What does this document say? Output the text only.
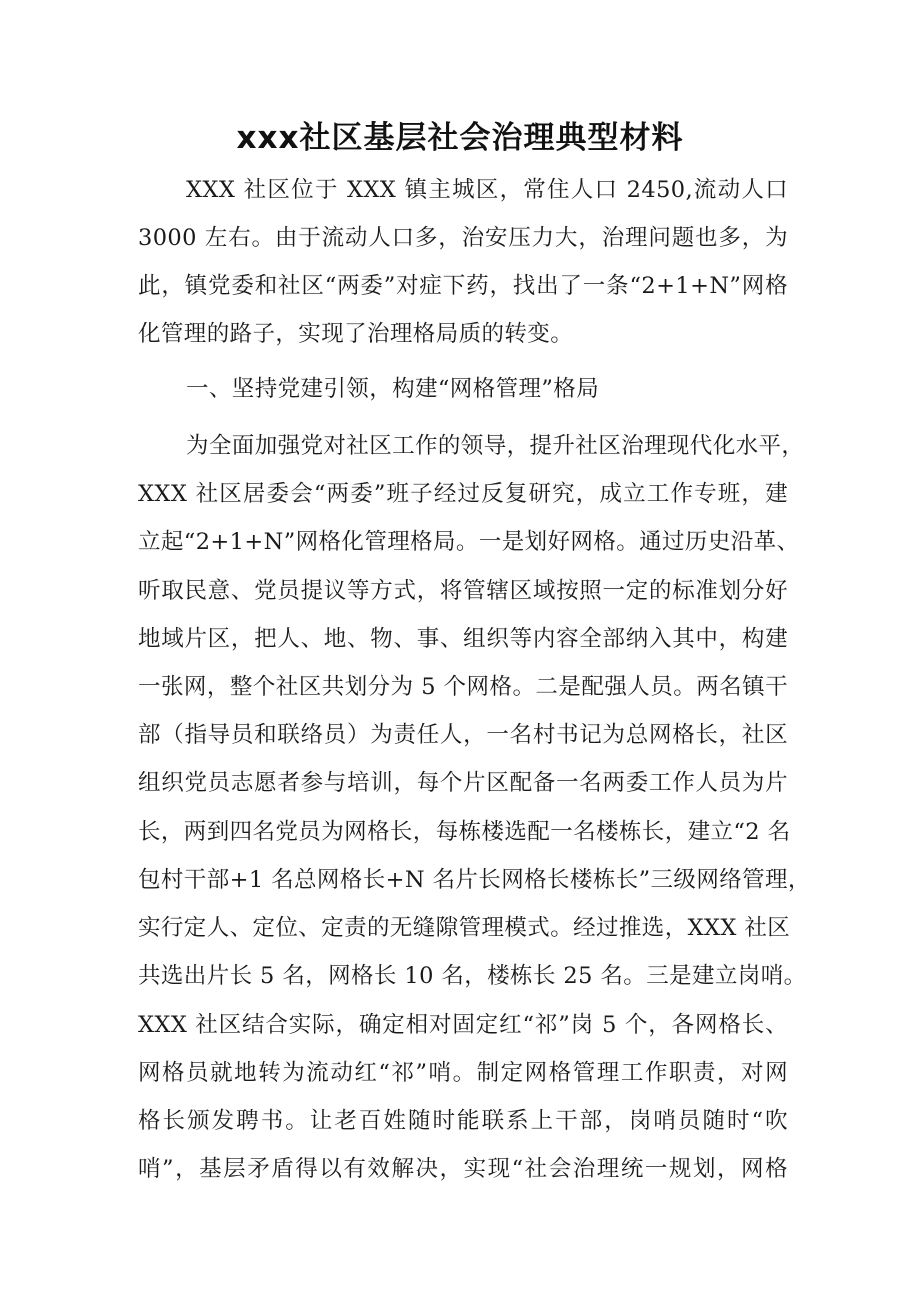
xxx社区基层社会治理典型材料
XXX 社区位于 XXX 镇主城区，常住人口 2450,流动人口
3000 左右。由于流动人口多，治安压力大，治理问题也多，为
此，镇党委和社区“两委”对症下药，找出了一条“2+1+N”网格
化管理的路子，实现了治理格局质的转变。
一、坚持党建引领，构建“网格管理”格局
为全面加强党对社区工作的领导，提升社区治理现代化水平，
XXX 社区居委会“两委”班子经过反复研究，成立工作专班，建
立起“2+1+N”网格化管理格局。一是划好网格。通过历史沿革、
听取民意、党员提议等方式，将管辖区域按照一定的标准划分好
地域片区，把人、地、物、事、组织等内容全部纳入其中，构建
一张网，整个社区共划分为 5 个网格。二是配强人员。两名镇干
部（指导员和联络员）为责任人，一名村书记为总网格长，社区
组织党员志愿者参与培训，每个片区配备一名两委工作人员为片
长，两到四名党员为网格长，每栋楼选配一名楼栋长，建立“2 名
包村干部+1 名总网格长+N 名片长网格长楼栋长”三级网络管理，
实行定人、定位、定责的无缝隙管理模式。经过推选，XXX 社区
共选出片长 5 名，网格长 10 名，楼栋长 25 名。三是建立岗哨。
XXX 社区结合实际，确定相对固定红“祁”岗 5 个，各网格长、
网格员就地转为流动红“祁”哨。制定网格管理工作职责，对网
格长颁发聘书。让老百姓随时能联系上干部，岗哨员随时“吹
哨”，基层矛盾得以有效解决，实现“社会治理统一规划，网格
